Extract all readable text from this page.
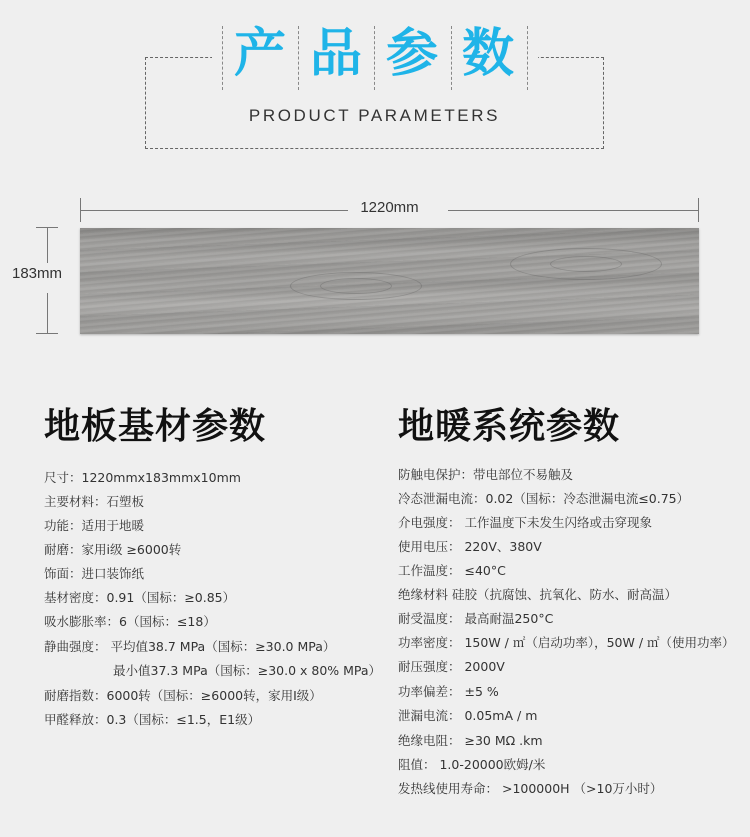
产 品 参 数
PRODUCT PARAMETERS
1220mm
183mm
地板基材参数	地暖系统参数
尺寸：1220mmx183mmx10mm
主要材料：石塑板
功能：适用于地暖
耐磨：家用i级 ≥6000转
饰面：进口装饰纸
基材密度：0.91（国标：≥0.85）
吸水膨胀率：6（国标：≤18）
静曲强度： 平均值38.7 MPa（国标：≥30.0 MPa）
最小值37.3 MPa（国标：≥30.0 x 80% MPa）
耐磨指数：6000转（国标：≥6000转，家用I级）
甲醛释放：0.3（国标：≤1.5，E1级）
防触电保护：带电部位不易触及
冷态泄漏电流：0.02（国标：冷态泄漏电流≤0.75）
介电强度： 工作温度下未发生闪络或击穿现象
使用电压： 220V、380V
工作温度： ≤40°C
绝缘材料 硅胶（抗腐蚀、抗氧化、防水、耐高温）
耐受温度： 最高耐温250°C
功率密度： 150W / ㎡（启动功率），50W / ㎡（使用功率）
耐压强度： 2000V
功率偏差： ±5 %
泄漏电流： 0.05mA / m
绝缘电阻： ≥30 MΩ .km
阻值： 1.0-20000欧姆/米
发热线使用寿命： >100000H （>10万小时）
